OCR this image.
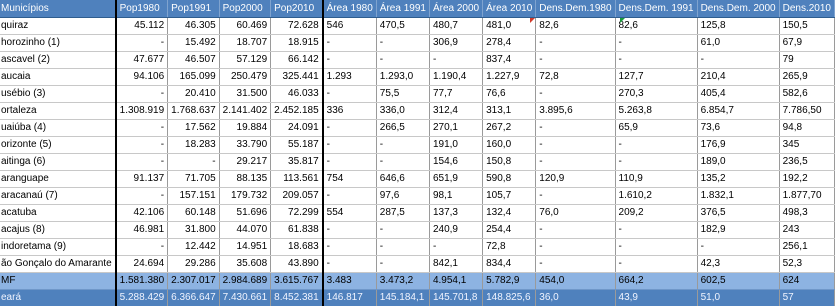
Municípios	Pop1980	Pop1991	Pop2000	Pop2010	Área 1980	Área 1991	Área 2000	Área 2010	Dens.Dem.1980	Dens.Dem. 1991	Dens.Dem. 2000	Dens.2010
quiraz	45.112	46.305	60.469	72.628	546	470,5	480,7	481,0	82,6	82,6	125,8	150,5
horozinho (1)	-	15.492	18.707	18.915	-	-	306,9	278,4	-	-	61,0	67,9
ascavel (2)	47.677	46.507	57.129	66.142	-	-	-	837,4	-	-	-	79
aucaia	94.106	165.099	250.479	325.441	1.293	1.293,0	1.190,4	1.227,9	72,8	127,7	210,4	265,9
usébio (3)	-	20.410	31.500	46.033	-	75,5	77,7	76,6	-	270,3	405,4	582,6
ortaleza	1.308.919	1.768.637	2.141.402	2.452.185	336	336,0	312,4	313,1	3.895,6	5.263,8	6.854,7	7.786,50
uaiúba (4)	-	17.562	19.884	24.091	-	266,5	270,1	267,2	-	65,9	73,6	94,8
orizonte (5)	-	18.283	33.790	55.187	-	-	191,0	160,0	-	-	176,9	345
aitinga (6)	-	-	29.217	35.817	-	-	154,6	150,8	-	-	189,0	236,5
aranguape	91.137	71.705	88.135	113.561	754	646,6	651,9	590,8	120,9	110,9	135,2	192,2
aracanaú (7)	-	157.151	179.732	209.057	-	97,6	98,1	105,7	-	1.610,2	1.832,1	1.877,70
acatuba	42.106	60.148	51.696	72.299	554	287,5	137,3	132,4	76,0	209,2	376,5	498,3
acajus (8)	46.981	31.800	44.070	61.838	-	-	240,9	254,4	-	-	182,9	243
indoretama (9)	-	12.442	14.951	18.683	-	-	-	72,8	-	-	-	256,1
ão Gonçalo do Amarante	24.694	29.286	35.608	43.890	-	-	842,1	834,4	-	-	42,3	52,3
MF	1.581.380	2.307.017	2.984.689	3.615.767	3.483	3.473,2	4.954,1	5.782,9	454,0	664,2	602,5	624
eará	5.288.429	6.366.647	7.430.661	8.452.381	146.817	145.184,1	145.701,8	148.825,6	36,0	43,9	51,0	57
